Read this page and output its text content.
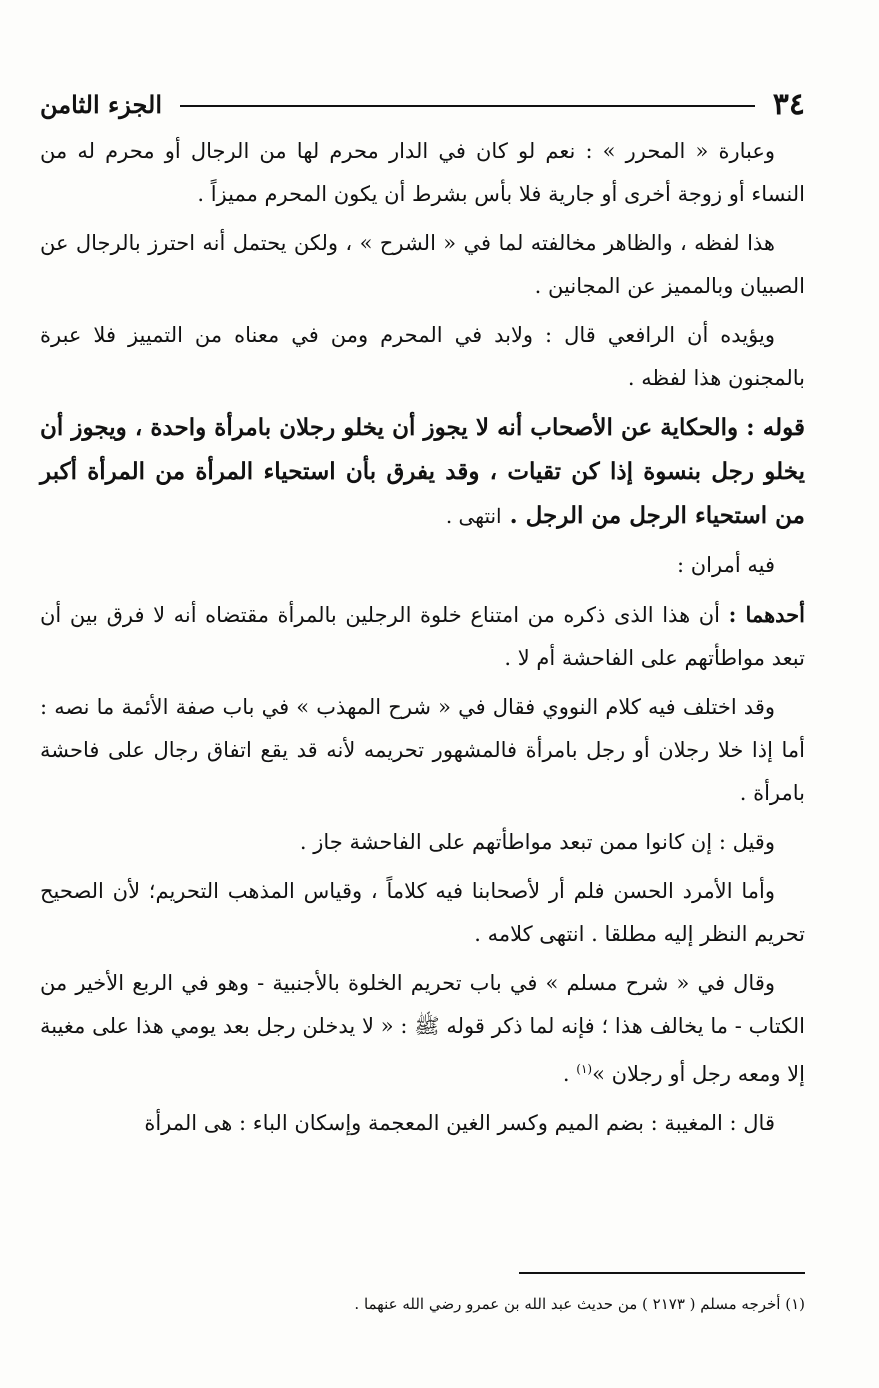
٣٤
الجزء الثامن

وعبارة « المحرر » : نعم لو كان في الدار محرم لها من الرجال أو محرم له من النساء أو زوجة أخرى أو جارية فلا بأس بشرط أن يكون المحرم مميزاً .

هذا لفظه ، والظاهر مخالفته لما في « الشرح » ، ولكن يحتمل أنه احترز بالرجال عن الصبيان وبالمميز عن المجانين .

ويؤيده أن الرافعي قال : ولابد في المحرم ومن في معناه من التمييز فلا عبرة بالمجنون هذا لفظه .

قوله : والحكاية عن الأصحاب أنه لا يجوز أن يخلو رجلان بامرأة واحدة ، ويجوز أن يخلو رجل بنسوة إذا كن تقيات ، وقد يفرق بأن استحياء المرأة من المرأة أكبر من استحياء الرجل من الرجل . انتهى .

فيه أمران :

أحدهما : أن هذا الذى ذكره من امتناع خلوة الرجلين بالمرأة مقتضاه أنه لا فرق بين أن تبعد مواطأتهم على الفاحشة أم لا .

وقد اختلف فيه كلام النووي فقال في « شرح المهذب » في باب صفة الأئمة ما نصه : أما إذا خلا رجلان أو رجل بامرأة فالمشهور تحريمه لأنه قد يقع اتفاق رجال على فاحشة بامرأة .

وقيل : إن كانوا ممن تبعد مواطأتهم على الفاحشة جاز .

وأما الأمرد الحسن فلم أر لأصحابنا فيه كلاماً ، وقياس المذهب التحريم؛ لأن الصحيح تحريم النظر إليه مطلقا . انتهى كلامه .

وقال في « شرح مسلم » في باب تحريم الخلوة بالأجنبية - وهو في الربع الأخير من الكتاب - ما يخالف هذا ؛ فإنه لما ذكر قوله ﷺ : « لا يدخلن رجل بعد يومي هذا على مغيبة إلا ومعه رجل أو رجلان »$^{(١)}$ .

قال : المغيبة : بضم الميم وكسر الغين المعجمة وإسكان الباء : هى المرأة

(١) أخرجه مسلم ( ٢١٧٣ ) من حديث عبد الله بن عمرو رضي الله عنهما .
